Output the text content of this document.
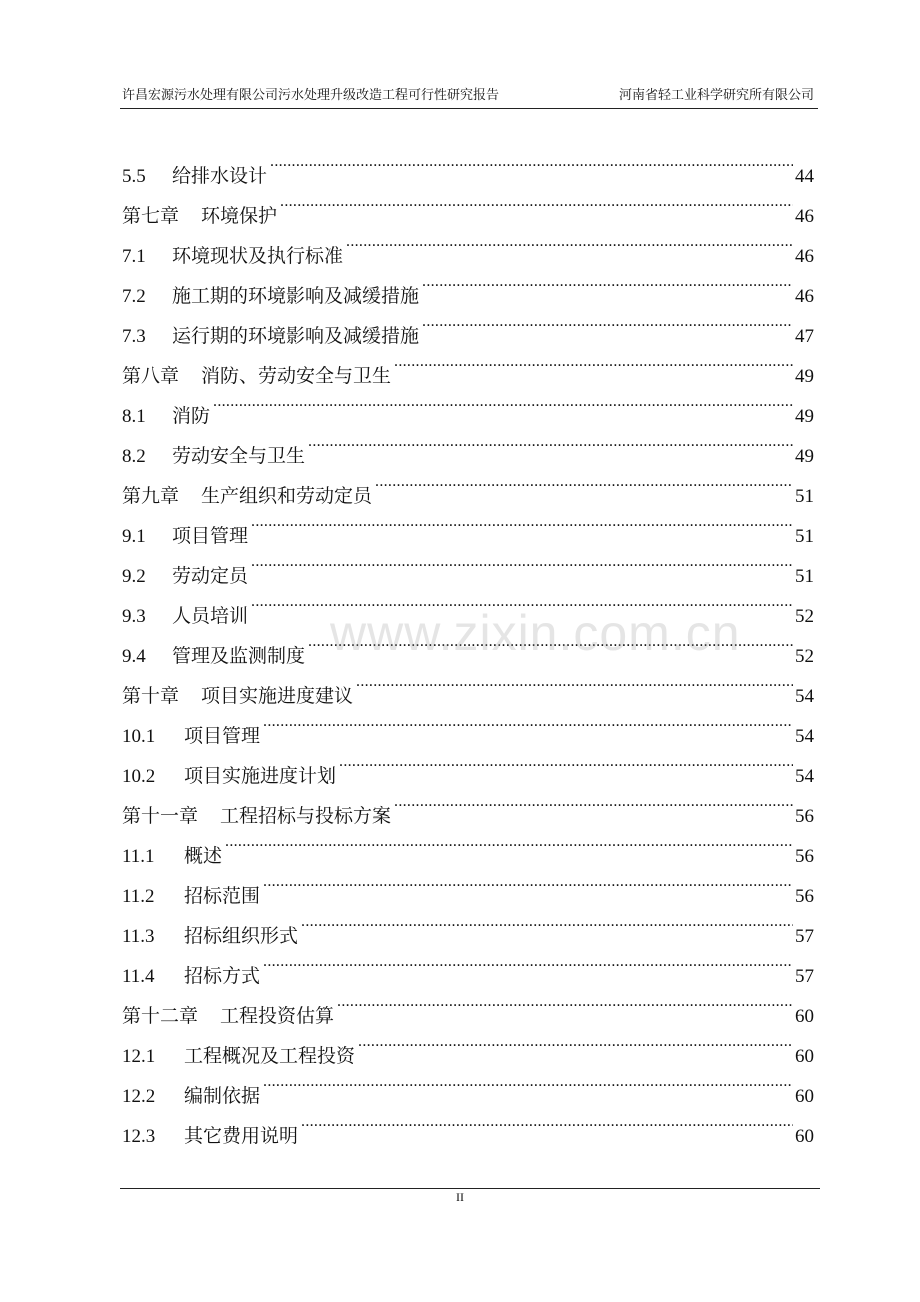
许昌宏源污水处理有限公司污水处理升级改造工程可行性研究报告	河南省轻工业科学研究所有限公司
5.5	给排水设计 .....	44
第七章 环境保护 .....	46
7.1	环境现状及执行标准 .....	46
7.2	施工期的环境影响及减缓措施 .....	46
7.3	运行期的环境影响及减缓措施 .....	47
第八章 消防、劳动安全与卫生 .....	49
8.1	消防 .....	49
8.2	劳动安全与卫生 .....	49
第九章 生产组织和劳动定员 .....	51
9.1	项目管理 .....	51
9.2	劳动定员 .....	51
9.3	人员培训 .....	52
9.4	管理及监测制度 .....	52
第十章 项目实施进度建议 .....	54
10.1	项目管理 .....	54
10.2	项目实施进度计划 .....	54
第十一章 工程招标与投标方案 .....	56
11.1	概述 .....	56
11.2	招标范围 .....	56
11.3	招标组织形式 .....	57
11.4	招标方式 .....	57
第十二章 工程投资估算 .....	60
12.1	工程概况及工程投资 .....	60
12.2	编制依据 .....	60
12.3	其它费用说明 .....	60
www.zixin.com.cn
II
